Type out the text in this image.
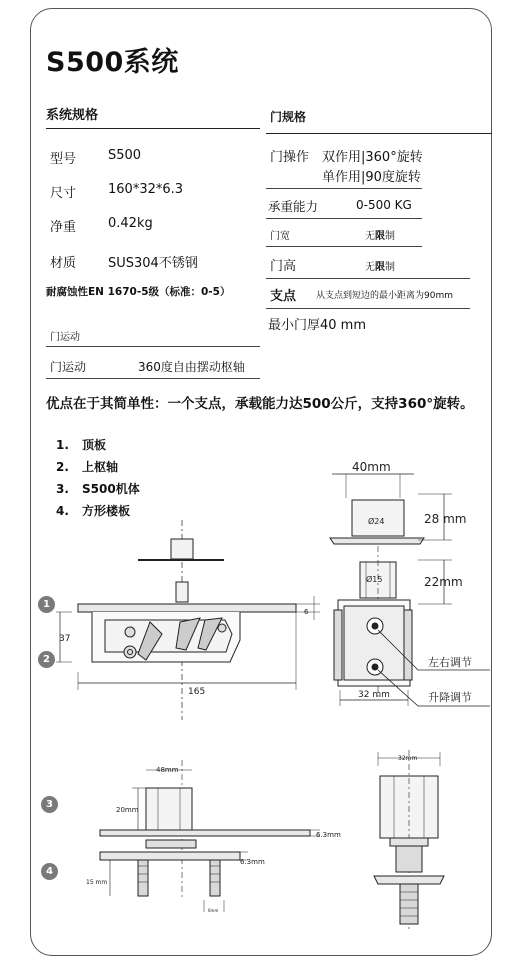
S500系统
系统规格
型号 S500
尺寸 160*32*6.3
净重 0.42kg
材质 SUS304不锈钢
耐腐蚀性EN 1670-5级（标准：0-5）
门运动
门运动	360度自由摆动枢轴
门规格
门操作 双作用|360°旋转
单作用|90度旋转
承重能力	0-500 KG
门宽	无限制
门高	无限制
支点 从支点到短边的最小距离为90mm
最小门厚40 mm
优点在于其简单性：一个支点，承载能力达500公斤，支持360°旋转。
1. 顶板
2. 上枢轴
3. S500机体
4. 方形楼板
40mm
Ø24	28 mm
Ø15	22mm
32 mm
左右调节
升降调节
6
37
165
48mm
20mm
6.3mm
6.3mm
15 mm
6mm
32mm
1
2
3
4
